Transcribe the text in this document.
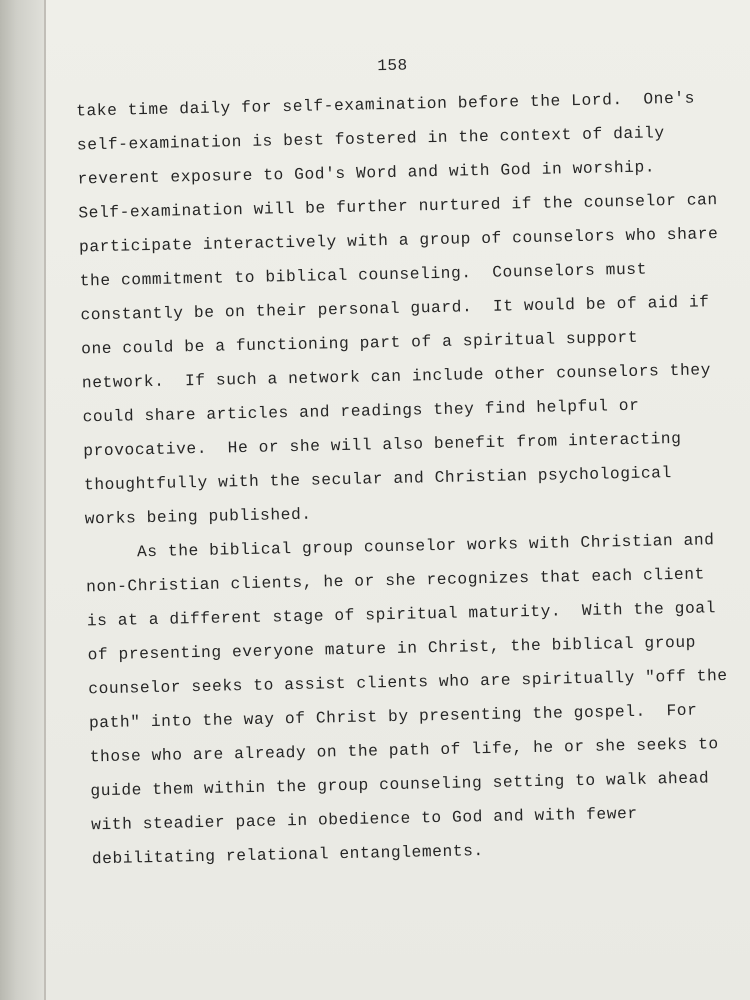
158
take time daily for self-examination before the Lord.  One's
self-examination is best fostered in the context of daily
reverent exposure to God's Word and with God in worship.
Self-examination will be further nurtured if the counselor can
participate interactively with a group of counselors who share
the commitment to biblical counseling.  Counselors must
constantly be on their personal guard.  It would be of aid if
one could be a functioning part of a spiritual support
network.  If such a network can include other counselors they
could share articles and readings they find helpful or
provocative.  He or she will also benefit from interacting
thoughtfully with the secular and Christian psychological
works being published.
As the biblical group counselor works with Christian and
non-Christian clients, he or she recognizes that each client
is at a different stage of spiritual maturity.  With the goal
of presenting everyone mature in Christ, the biblical group
counselor seeks to assist clients who are spiritually "off the
path" into the way of Christ by presenting the gospel.  For
those who are already on the path of life, he or she seeks to
guide them within the group counseling setting to walk ahead
with steadier pace in obedience to God and with fewer
debilitating relational entanglements.
